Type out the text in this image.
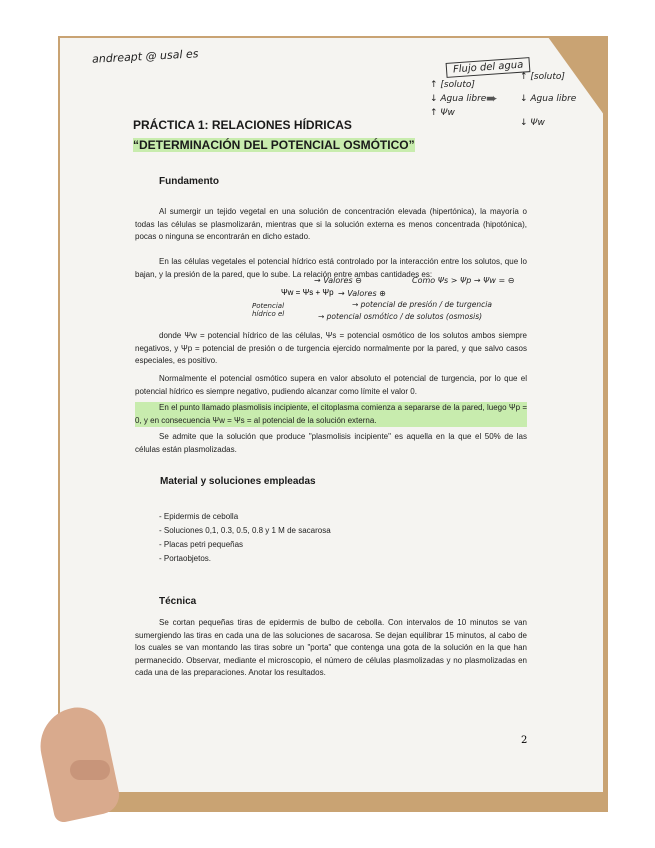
andreapt @ usal es
Flujo del agua
↑ [soluto]
↓ Agua libre
↑ Ψw
↑ [soluto]
↓ Agua libre
↓ Ψw
➨
PRÁCTICA 1: RELACIONES HÍDRICAS
“DETERMINACIÓN DEL POTENCIAL OSMÓTICO”
Fundamento
Al sumergir un tejido vegetal en una solución de concentración elevada (hipertónica), la mayoría o todas las células se plasmolizarán, mientras que si la solución externa es menos concentrada (hipotónica), pocas o ninguna se encontrarán en dicho estado.
En las células vegetales el potencial hídrico está controlado por la interacción entre los solutos, que lo bajan, y la presión de la pared, que lo sube. La relación entre ambas cantidades es:
Ψw = Ψs + Ψp
→ Valores ⊖
→ Valores ⊕
Como Ψs > Ψp → Ψw = ⊖
Potencial hídrico el
→ potencial de presión / de turgencia
→ potencial osmótico / de solutos (osmosis)
donde Ψw = potencial hídrico de las células, Ψs = potencial osmótico de los solutos ambos siempre negativos, y Ψp = potencial de presión o de turgencia ejercido normalmente por la pared, y que salvo casos especiales, es positivo.
Normalmente el potencial osmótico supera en valor absoluto el potencial de turgencia, por lo que el potencial hídrico es siempre negativo, pudiendo alcanzar como límite el valor 0.
En el punto llamado plasmolisis incipiente, el citoplasma comienza a separarse de la pared, luego Ψp = 0, y en consecuencia Ψw = Ψs = al potencial de la solución externa.
Se admite que la solución que produce "plasmolisis incipiente" es aquella en la que el 50% de las células están plasmolizadas.
Material y soluciones empleadas
- Epidermis de cebolla
- Soluciones 0,1, 0.3, 0.5, 0.8 y 1 M de sacarosa
- Placas petri pequeñas
- Portaobjetos.
Técnica
Se cortan pequeñas tiras de epidermis de bulbo de cebolla. Con intervalos de 10 minutos se van sumergiendo las tiras en cada una de las soluciones de sacarosa. Se dejan equilibrar 15 minutos, al cabo de los cuales se van montando las tiras sobre un "porta" que contenga una gota de la solución en la que han permanecido. Observar, mediante el microscopio, el número de células plasmolizadas y no plasmolizadas en cada una de las preparaciones. Anotar los resultados.
2
